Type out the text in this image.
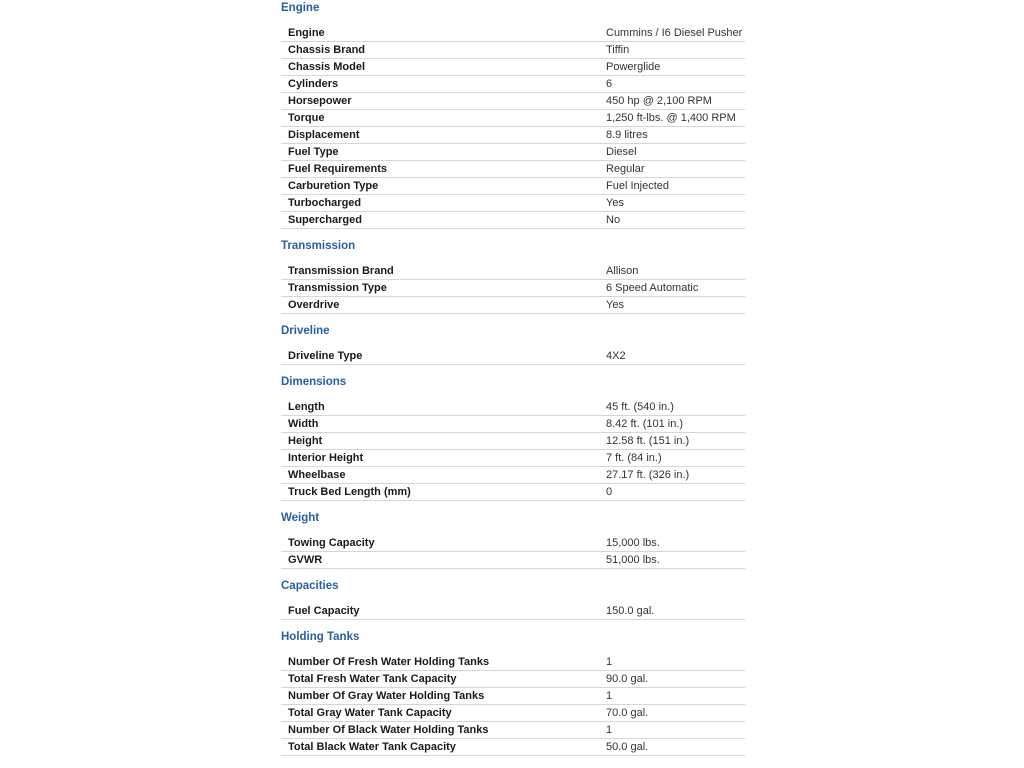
Engine
Engine	Cummins / I6 Diesel Pusher
Chassis Brand	Tiffin
Chassis Model	Powerglide
Cylinders	6
Horsepower	450 hp @ 2,100 RPM
Torque	1,250 ft-lbs. @ 1,400 RPM
Displacement	8.9 litres
Fuel Type	Diesel
Fuel Requirements	Regular
Carburetion Type	Fuel Injected
Turbocharged	Yes
Supercharged	No
Transmission
Transmission Brand	Allison
Transmission Type	6 Speed Automatic
Overdrive	Yes
Driveline
Driveline Type	4X2
Dimensions
Length	45 ft. (540 in.)
Width	8.42 ft. (101 in.)
Height	12.58 ft. (151 in.)
Interior Height	7 ft. (84 in.)
Wheelbase	27.17 ft. (326 in.)
Truck Bed Length (mm)	0
Weight
Towing Capacity	15,000 lbs.
GVWR	51,000 lbs.
Capacities
Fuel Capacity	150.0 gal.
Holding Tanks
Number Of Fresh Water Holding Tanks	1
Total Fresh Water Tank Capacity	90.0 gal.
Number Of Gray Water Holding Tanks	1
Total Gray Water Tank Capacity	70.0 gal.
Number Of Black Water Holding Tanks	1
Total Black Water Tank Capacity	50.0 gal.
